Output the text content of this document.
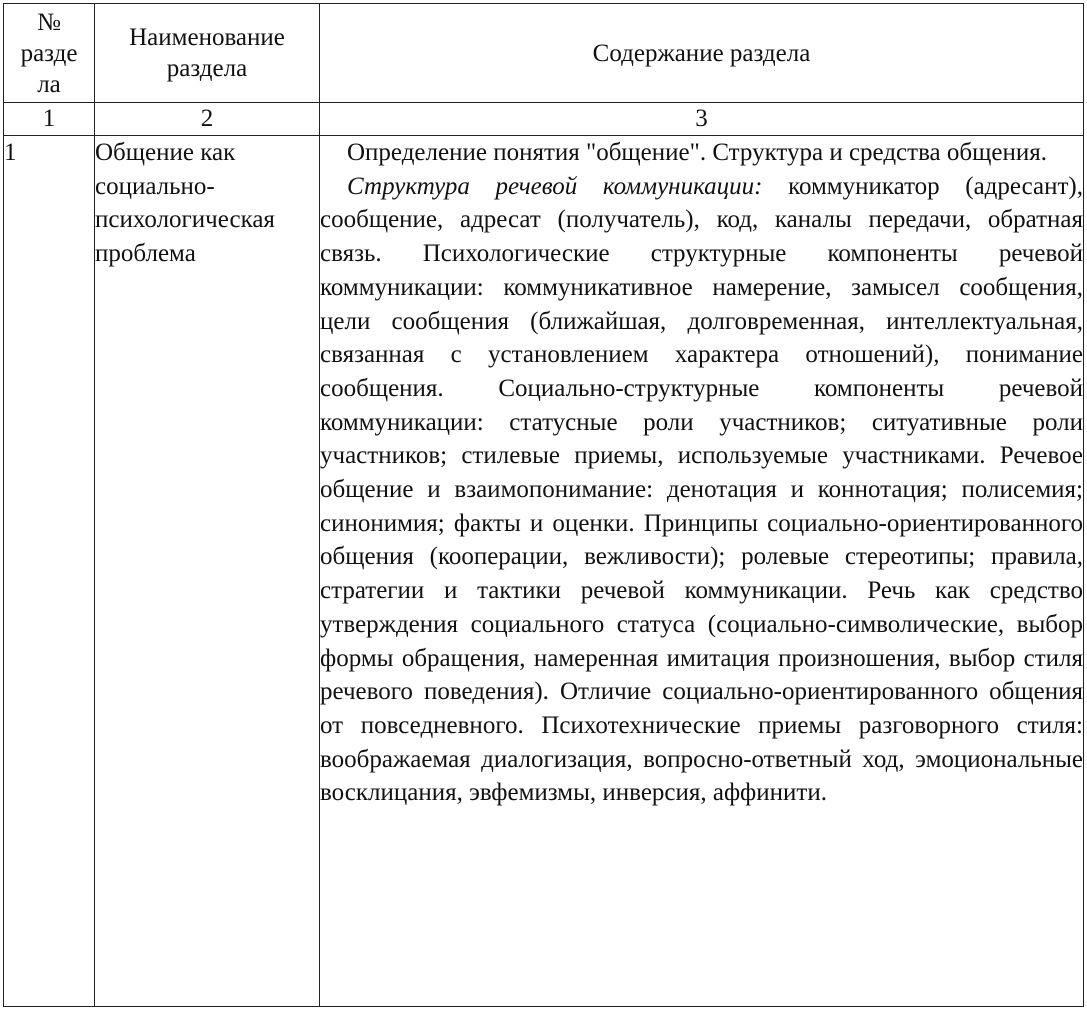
№ разде ла	Наименование раздела	Содержание раздела
1	2	3
1	Общение как социально-психологическая проблема	Определение понятия "общение". Структура и средства общения.

Структура речевой коммуникации: коммуникатор (адресант), сообщение, адресат (получатель), код, каналы передачи, обратная связь. Психологические структурные компоненты речевой коммуникации: коммуникативное намерение, замысел сообщения, цели сообщения (ближайшая, долговременная, интеллектуальная, связанная с установлением характера отношений), понимание сообщения. Социально-структурные компоненты речевой коммуникации: статусные роли участников; ситуативные роли участников; стилевые приемы, используемые участниками. Речевое общение и взаимопонимание: денотация и коннотация; полисемия; синонимия; факты и оценки. Принципы социально-ориентированного общения (кооперации, вежливости); ролевые стереотипы; правила, стратегии и тактики речевой коммуникации. Речь как средство утверждения социального статуса (социально-символические, выбор формы обращения, намеренная имитация произношения, выбор стиля речевого поведения). Отличие социально-ориентированного общения от повседневного. Психотехнические приемы разговорного стиля: воображаемая диалогизация, вопросно-ответный ход, эмоциональные восклицания, эвфемизмы, инверсия, аффинити.
